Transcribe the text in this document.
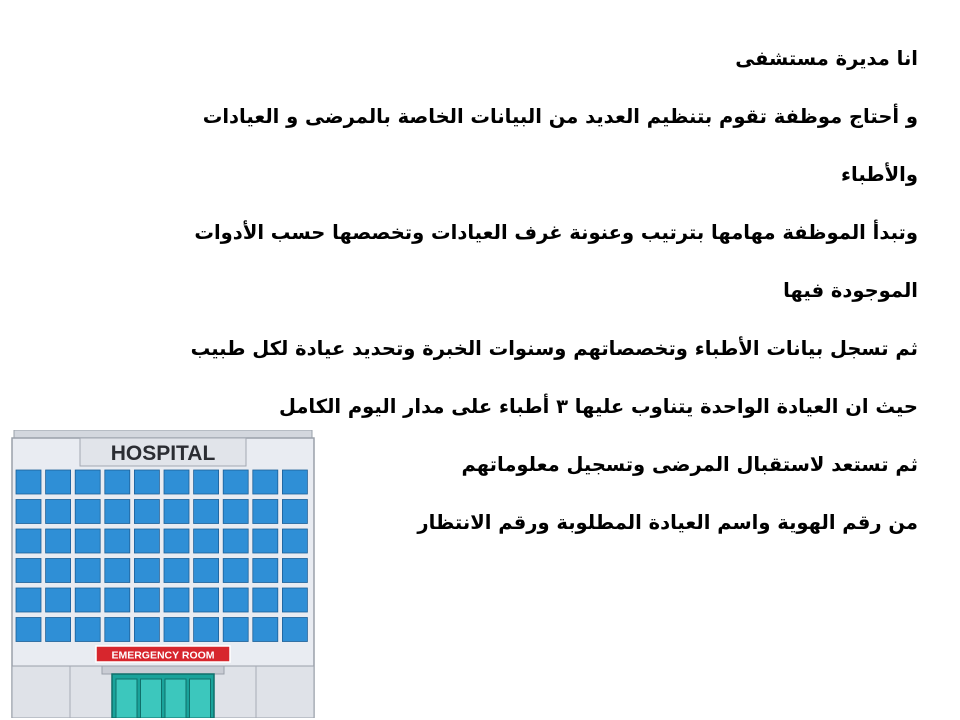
انا مديرة مستشفى

و أحتاج موظفة تقوم بتنظيم العديد من البيانات الخاصة بالمرضى و العيادات

والأطباء

وتبدأ الموظفة مهامها بترتيب وعنونة غرف العيادات وتخصصها حسب الأدوات

الموجودة فيها

ثم تسجل بيانات الأطباء وتخصصاتهم وسنوات الخبرة وتحديد عيادة لكل طبيب

حيث ان العيادة الواحدة يتناوب عليها ٣ أطباء على مدار اليوم الكامل

ثم تستعد لاستقبال المرضى وتسجيل معلوماتهم

من رقم الهوية واسم العيادة المطلوبة ورقم الانتظار

HOSPITAL
EMERGENCY ROOM
